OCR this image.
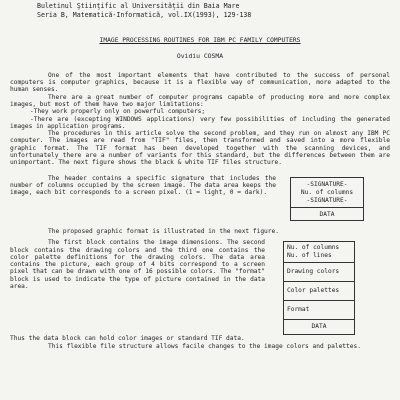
Buletinul Ştiinţific al Universităţii din Baia Mare
Seria B, Matematică-Informatică, vol.IX(1993), 129-138
IMAGE PROCESSING ROUTINES FOR IBM PC FAMILY COMPUTERS
Ovidiu COSMA

One of the most important elements that have contributed to the success of personal computers is computer graphics, because it is a flexible way of communication, more adapted to the human senses.

There are a great number of computer programs capable of producing more and more complex images, but most of them have two major limitations:

-They work properly only on powerful computers;

-There are (excepting WINDOWS applications) very few possibilities of including the generated images in application programs.

The procedures in this article solve the second problem, and they run on almost any IBM PC computer. The images are read from "TIF" files, then transformed and saved into a more flexible graphic format. The TIF format has been developed together with the scanning devices, and unfortunately there are a number of variants for this standard, but the differences between them are unimportant. The next figure shows the black & white TIF files structure.

The header contains a specific signature that includes the number of columns occupied by the screen image. The data area keeps the image, each bit corresponds to a screen pixel. (1 = light, 0 = dark).

-SIGNATURE-
Nu. of columns
-SIGNATURE-
DATA

The proposed graphic format is illustrated in the next figure.

The first block contains the image dimensions. The second block contains the drawing colors and the third one contains the color palette definitions for the drawing colors. The data area contains the picture, each group of 4 bits correspond to a screen pixel that can be drawn with one of 16 possible colors. The "format" block is used to indicate the type of picture contained in the data area.

Nu. of columns
Nu. of lines
Drawing colors
Color palettes
Format
DATA

Thus the data block can hold color images or standard TIF data.

This flexible file structure allows facile changes to the image colors and palettes.
